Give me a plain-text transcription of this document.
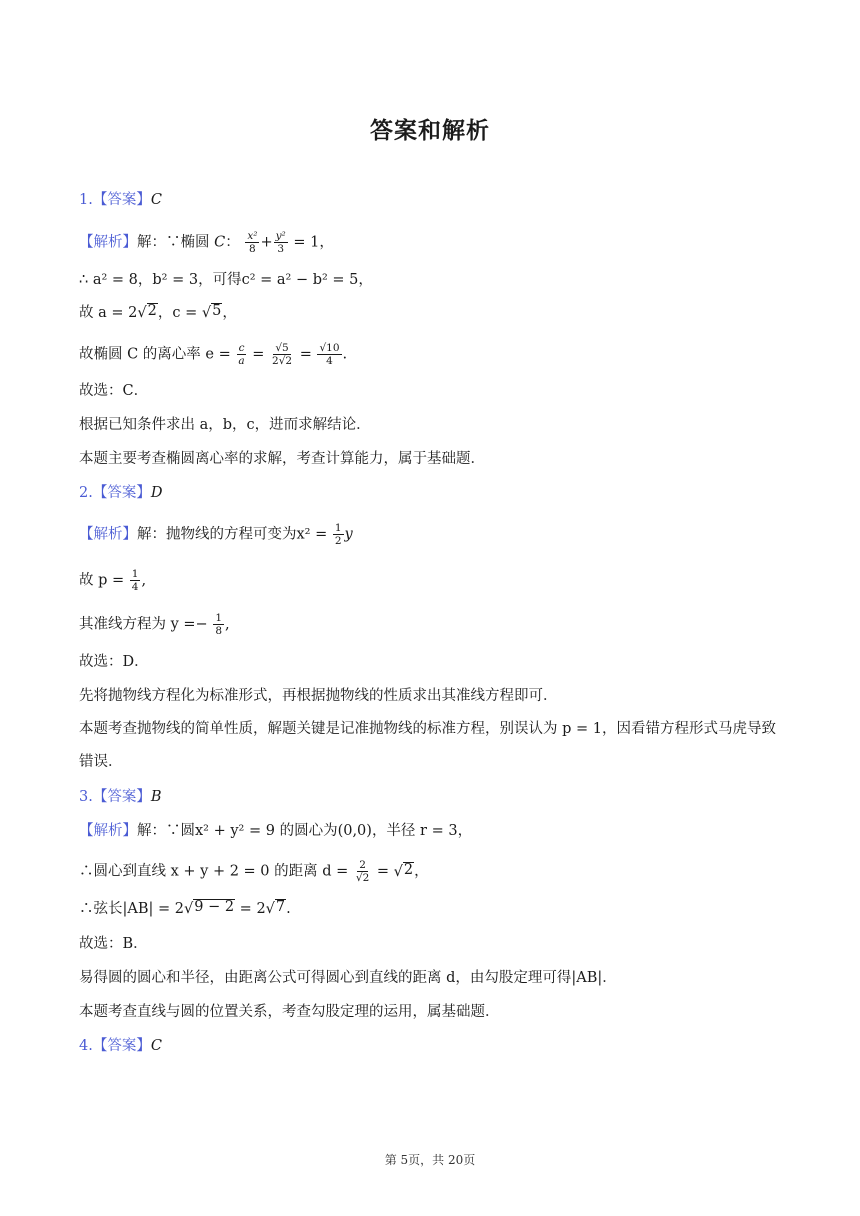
答案和解析
1.【答案】C
【解析】解：∵椭圆 C： $\frac{\text{x²}}{8} + \frac{\text{y²}}{3} = 1$，
∴ a² = 8，b² = 3，可得c² = a² − b² = 5，
故 a = 2√ 2 ，c = √ 5 ，
故椭圆 C 的离心率 $e = \frac{c}{a} = \frac{√5}{2√2} = \frac{√10}{4}$ .
故选：C．
根据已知条件求出 a，b，c，进而求解结论．
本题主要考查椭圆离心率的求解，考查计算能力，属于基础题．
2.【答案】D
【解析】解：抛物线的方程可变为$x^2 = \frac{1}{2}$ y
故 $p = \frac{1}{4}$ ,
其准线方程为 $y =- \frac{1}{8}$ ,
故选：D．
先将抛物线方程化为标准形式，再根据抛物线的性质求出其准线方程即可．
本题考查抛物线的简单性质，解题关键是记准抛物线的标准方程，别误认为 p = 1，因看错方程形式马虎导致错误．
3.【答案】B
【解析】解：∵圆x² + y² = 9 的圆心为(0,0)，半径 r = 3，
∴圆心到直线 x + y + 2 = 0 的距离 $d = \frac{2}{√2}$ = √ 2 ，
∴弦长|AB| = 2√ 9 − 2 = 2√ 7 .
故选：B．
易得圆的圆心和半径，由距离公式可得圆心到直线的距离 d，由勾股定理可得|AB|．
本题考查直线与圆的位置关系，考查勾股定理的运用，属基础题．
4.【答案】C
第 5页，共 20页
